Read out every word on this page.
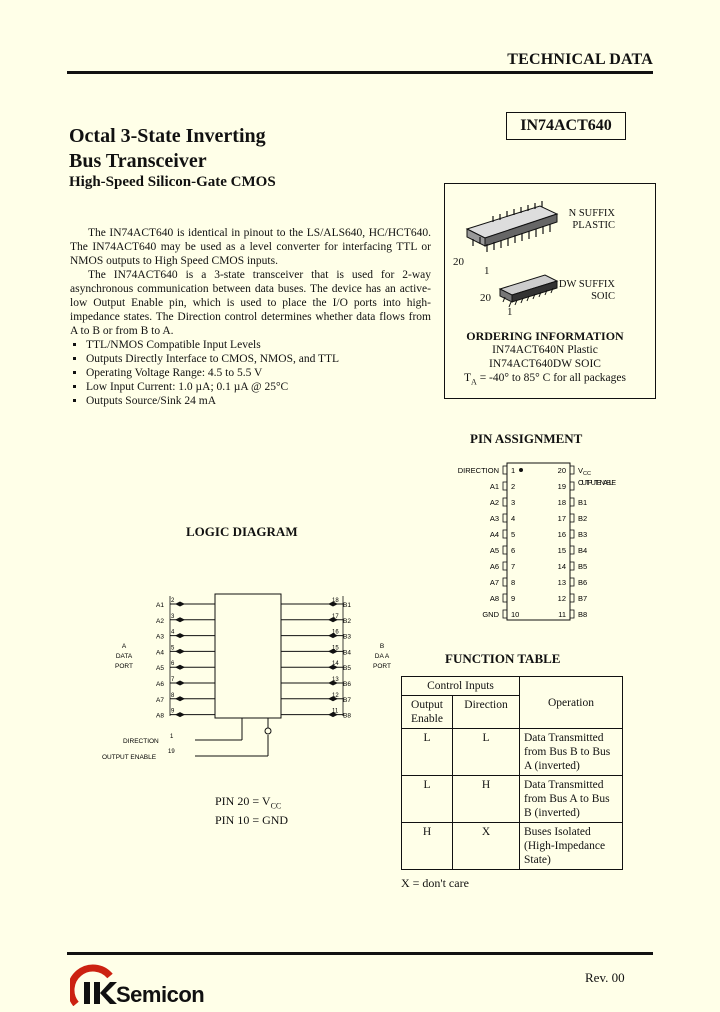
TECHNICAL DATA
Octal 3-State Inverting
Bus Transceiver
High-Speed Silicon-Gate CMOS
IN74ACT640

The IN74ACT640 is identical in pinout to the LS/ALS640, HC/HCT640. The IN74ACT640 may be used as a level converter for interfacing TTL or NMOS outputs to High Speed CMOS inputs.

The IN74ACT640 is a 3-state transceiver that is used for 2-way asynchronous communication between data buses. The device has an active-low Output Enable pin, which is used to place the I/O ports into high-impedance states. The Direction control determines whether data flows from A to B or from B to A.

▪ TTL/NMOS Compatible Input Levels
▪ Outputs Directly Interface to CMOS, NMOS, and TTL
▪ Operating Voltage Range: 4.5 to 5.5 V
▪ Low Input Current: 1.0 µA; 0.1 µA @ 25°C
▪ Outputs Source/Sink 24 mA
N SUFFIX
PLASTIC
DW SUFFIX
SOIC
20
1
20
1
ORDERING INFORMATION
IN74ACT640N Plastic
IN74ACT640DW SOIC
$T_A = -40^\circ$ to 85° C for all packages
PIN ASSIGNMENT
DIRECTION 1
A1 2
A2 3
A3 4
A4 5
A5 6
A6 7
A7 8
A8 9
GND 10
20 $V_{CC}$
19 OUTPUT ENABLE
18 B1
17 B2
16 B3
15 B4
14 B5
13 B6
12 B7
11 B8
LOGIC DIAGRAM
A1
2
A2
3
A3
4
A4
5
A5
6
A6
7
A7
8
A8
9
B1
18
B2
17
B3
16
B4
15
B5
14
B6
13
B7
12
B8
11
DIRECTION
1
OUTPUT ENABLE
19
A
DATA
PORT
B
DA A
PORT
PIN $20 = V_{CC}$
PIN 10 = GND
FUNCTION TABLE
Control Inputs		Operation
Output Enable	Direction	
L	L	Data Transmitted from Bus B to Bus A (inverted)
L	H	Data Transmitted from Bus A to Bus B (inverted)
H	X	Buses Isolated (High-Impedance State)
X = don't care
Semicon
Rev. 00
